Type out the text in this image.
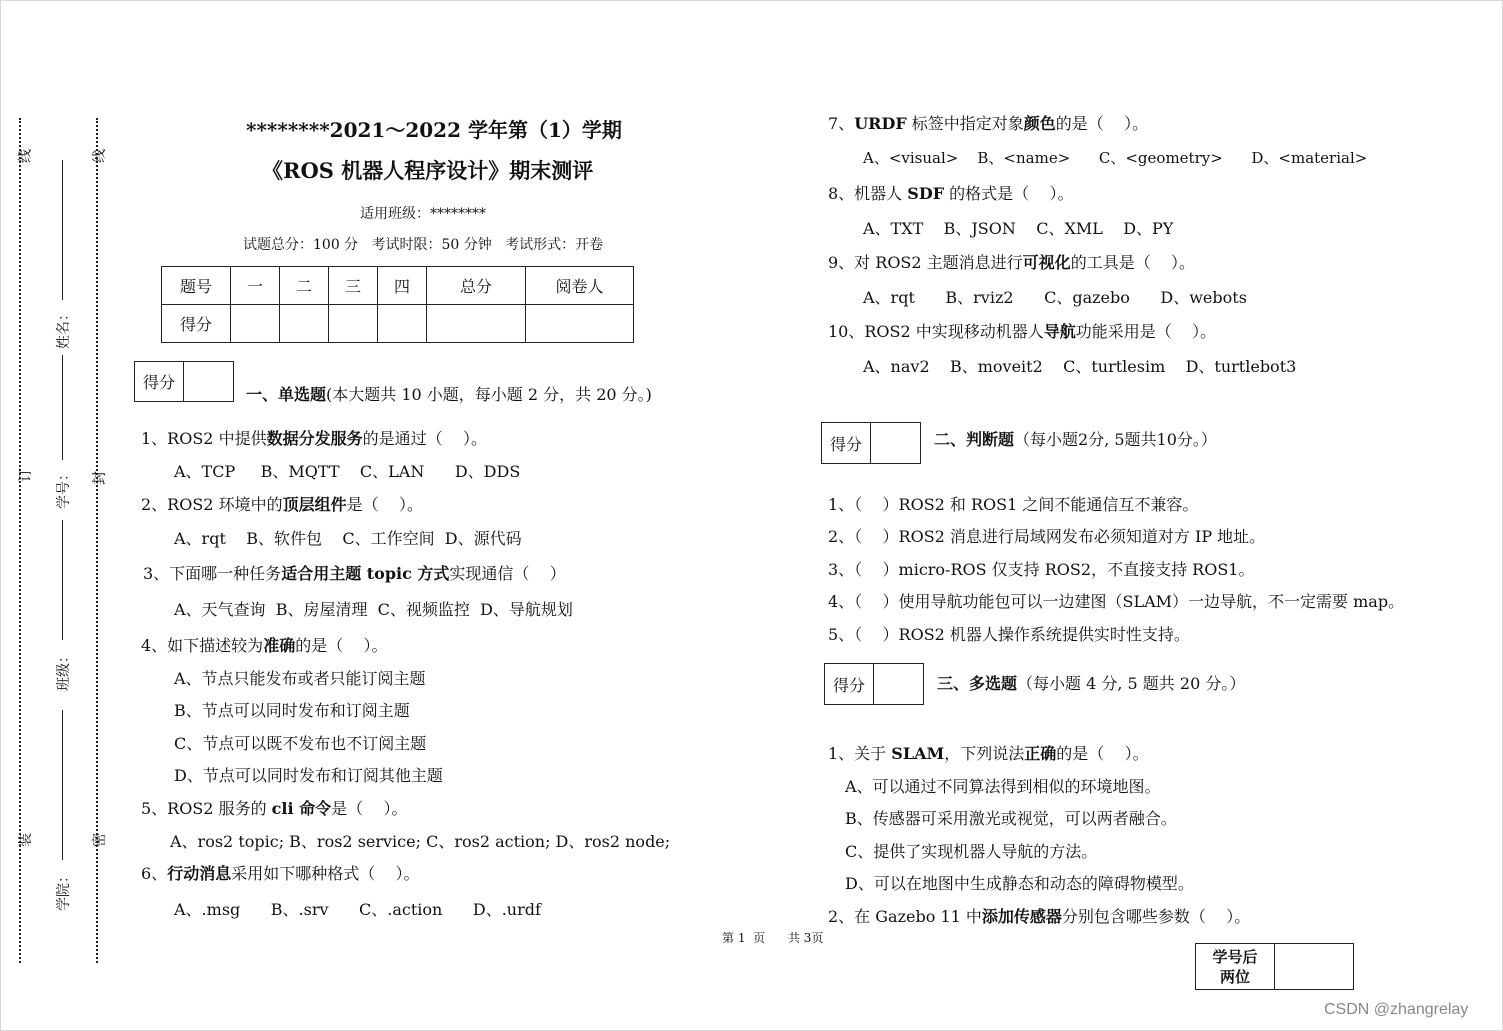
线
订
装
线
封
密
姓名：
学号：
班级：
学院：
********2021～2022 学年第（1）学期
《ROS 机器人程序设计》期末测评
适用班级：********
试题总分：100 分   考试时限：50 分钟   考试形式：开卷
题号	一	二	三	四	总分	阅卷人
得分						
得分
一、单选题(本大题共 10 小题，每小题 2 分，共 20 分。)
1、ROS2 中提供数据分发服务的是通过（    ）。
A、TCP     B、MQTT    C、LAN      D、DDS
2、ROS2 环境中的顶层组件是（    ）。
A、rqt    B、软件包    C、工作空间  D、源代码
3、下面哪一种任务适合用主题 topic 方式实现通信（    ）
A、天气查询  B、房屋清理  C、视频监控  D、导航规划
4、如下描述较为准确的是（    ）。
A、节点只能发布或者只能订阅主题
B、节点可以同时发布和订阅主题
C、节点可以既不发布也不订阅主题
D、节点可以同时发布和订阅其他主题
5、ROS2 服务的 cli 命令是（    ）。
A、ros2 topic; B、ros2 service; C、ros2 action; D、ros2 node;
6、行动消息采用如下哪种格式（    ）。
A、.msg      B、.srv      C、.action      D、.urdf
7、URDF 标签中指定对象颜色的是（    ）。
A、<visual>    B、<name>      C、<geometry>      D、<material>
8、机器人 SDF 的格式是（    ）。
A、TXT    B、JSON    C、XML    D、PY
9、对 ROS2 主题消息进行可视化的工具是（    ）。
A、rqt      B、rviz2      C、gazebo      D、webots
10、ROS2 中实现移动机器人导航功能采用是（    ）。
A、nav2    B、moveit2    C、turtlesim    D、turtlebot3
得分	二、判断题（每小题2分, 5题共10分。）
1、（    ）ROS2 和 ROS1 之间不能通信互不兼容。
2、（    ）ROS2 消息进行局域网发布必须知道对方 IP 地址。
3、（    ）micro-ROS 仅支持 ROS2，不直接支持 ROS1。
4、（    ）使用导航功能包可以一边建图（SLAM）一边导航，不一定需要 map。
5、（    ）ROS2 机器人操作系统提供实时性支持。
得分	三、多选题（每小题 4 分, 5 题共 20 分。）
1、关于 SLAM，下列说法正确的是（    ）。
A、可以通过不同算法得到相似的环境地图。
B、传感器可采用激光或视觉，可以两者融合。
C、提供了实现机器人导航的方法。
D、可以在地图中生成静态和动态的障碍物模型。
2、在 Gazebo 11 中添加传感器分别包含哪些参数（    ）。
第 1  页      共 3页
学号后
两位
CSDN @zhangrelay
